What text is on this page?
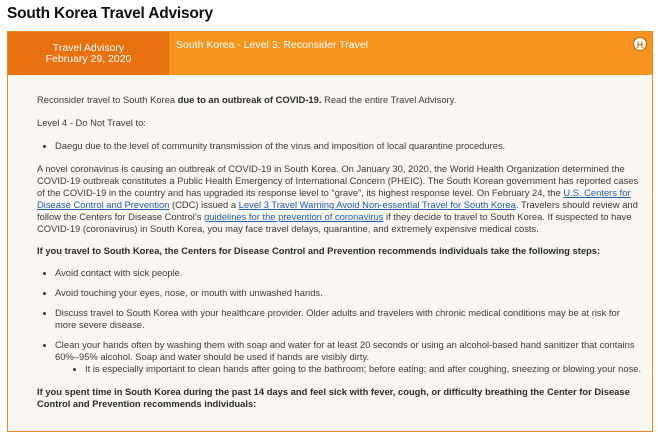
South Korea Travel Advisory
Travel Advisory
February 29, 2020
South Korea - Level 3: Reconsider Travel	H

Reconsider travel to South Korea due to an outbreak of COVID-19. Read the entire Travel Advisory.

Level 4 - Do Not Travel to:

• Daegu due to the level of community transmission of the virus and imposition of local quarantine procedures.

A novel coronavirus is causing an outbreak of COVID-19 in South Korea. On January 30, 2020, the World Health Organization determined the COVID-19 outbreak constitutes a Public Health Emergency of International Concern (PHEIC). The South Korean government has reported cases of the COVID-19 in the country and has upgraded its response level to “grave”, its highest response level. On February 24, the U.S. Centers for Disease Control and Prevention (CDC) issued a Level 3 Travel Warning Avoid Non-essential Travel for South Korea. Travelers should review and follow the Centers for Disease Control’s guidelines for the prevention of coronavirus if they decide to travel to South Korea. If suspected to have COVID-19 (coronavirus) in South Korea, you may face travel delays, quarantine, and extremely expensive medical costs.

If you travel to South Korea, the Centers for Disease Control and Prevention recommends individuals take the following steps:

• Avoid contact with sick people.
• Avoid touching your eyes, nose, or mouth with unwashed hands.
• Discuss travel to South Korea with your healthcare provider. Older adults and travelers with chronic medical conditions may be at risk for more severe disease.
• Clean your hands often by washing them with soap and water for at least 20 seconds or using an alcohol-based hand sanitizer that contains 60%–95% alcohol. Soap and water should be used if hands are visibly dirty.
• It is especially important to clean hands after going to the bathroom; before eating; and after coughing, sneezing or blowing your nose.

If you spent time in South Korea during the past 14 days and feel sick with fever, cough, or difficulty breathing the Center for Disease Control and Prevention recommends individuals:
